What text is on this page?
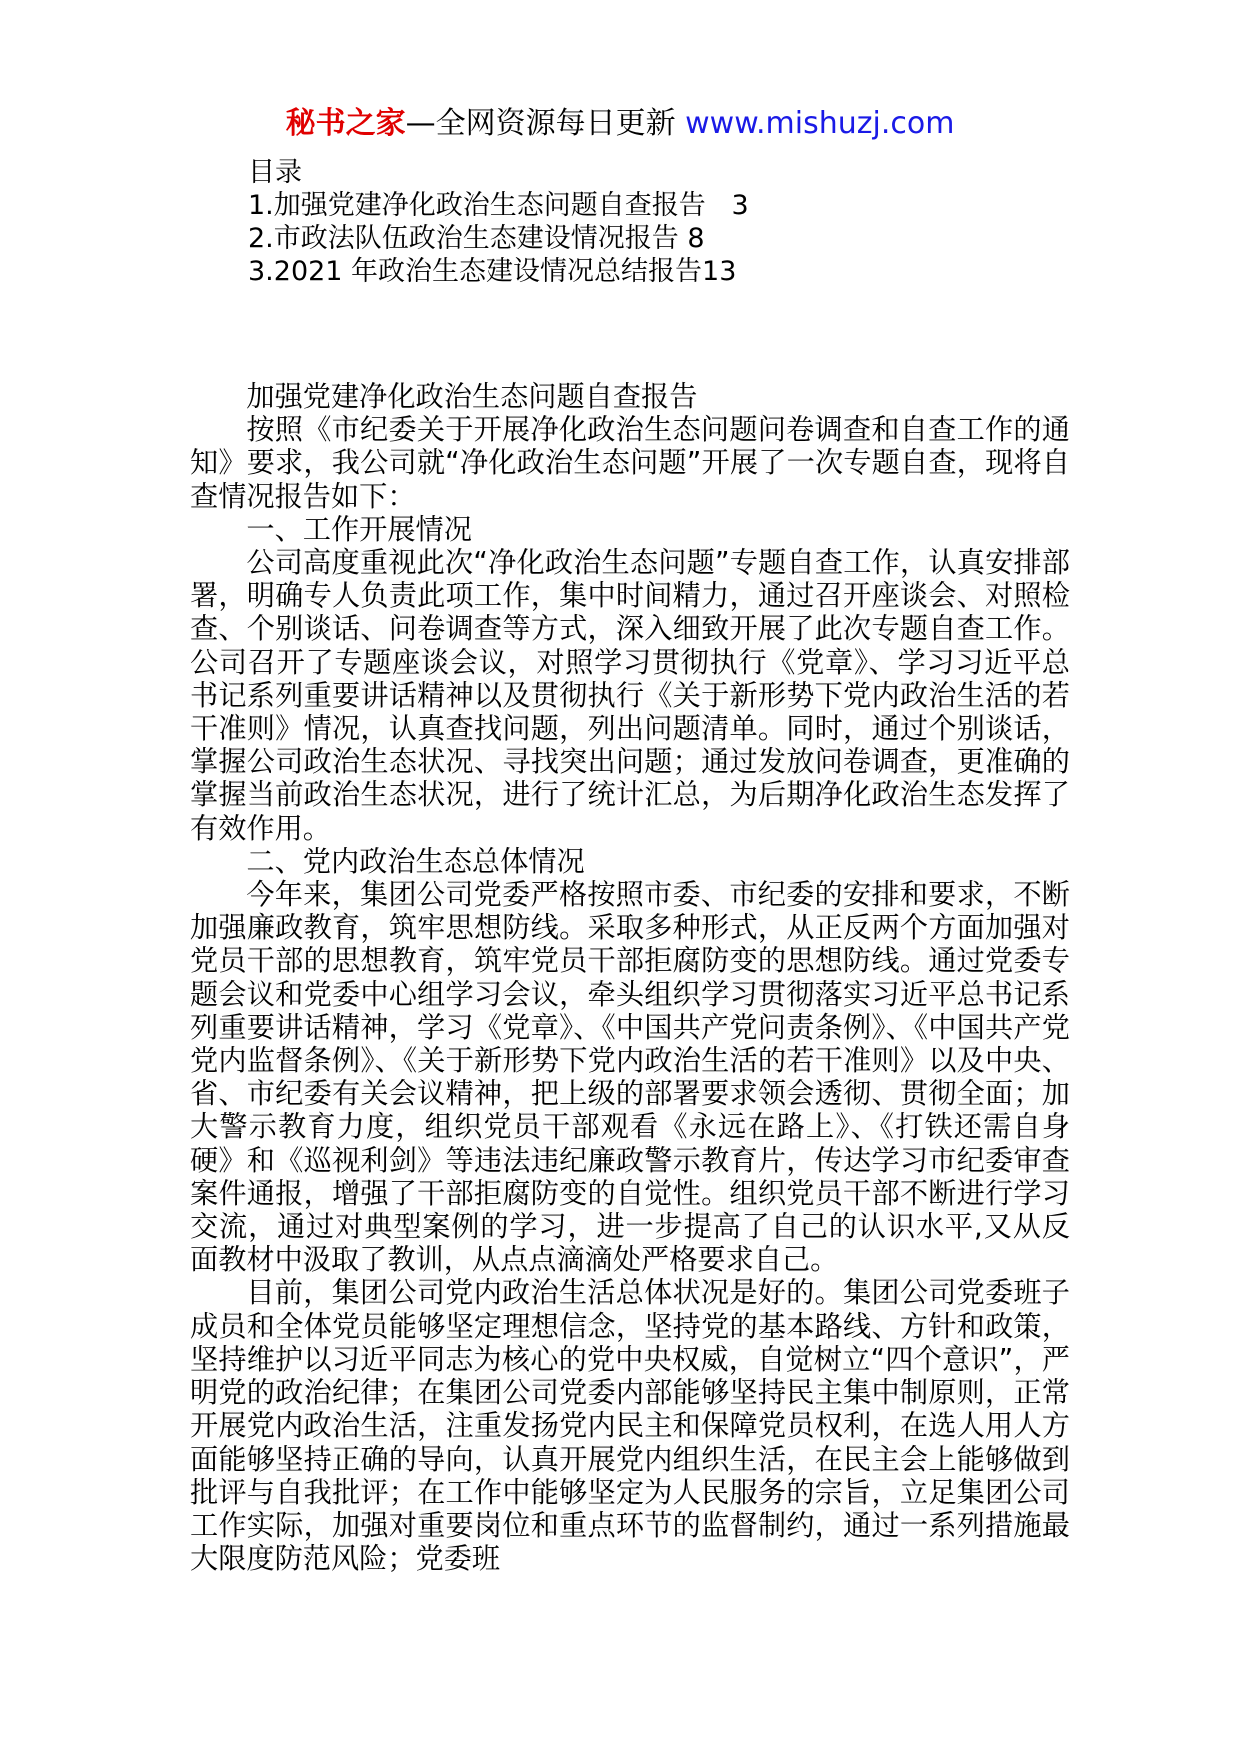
秘书之家—全网资源每日更新 www.mishuzj.com
目录
1.加强党建净化政治生态问题自查报告   3
2.市政法队伍政治生态建设情况报告 8
3.2021 年政治生态建设情况总结报告13
加强党建净化政治生态问题自查报告

按照《市纪委关于开展净化政治生态问题问卷调查和自查工作的通知》要求，我公司就“净化政治生态问题”开展了一次专题自查，现将自查情况报告如下：

一、工作开展情况

公司高度重视此次“净化政治生态问题”专题自查工作，认真安排部署，明确专人负责此项工作，集中时间精力，通过召开座谈会、对照检查、个别谈话、问卷调查等方式，深入细致开展了此次专题自查工作。公司召开了专题座谈会议，对照学习贯彻执行《党章》、学习习近平总书记系列重要讲话精神以及贯彻执行《关于新形势下党内政治生活的若干准则》情况，认真查找问题，列出问题清单。同时，通过个别谈话，掌握公司政治生态状况、寻找突出问题；通过发放问卷调查，更准确的掌握当前政治生态状况，进行了统计汇总，为后期净化政治生态发挥了有效作用。

二、党内政治生态总体情况

今年来，集团公司党委严格按照市委、市纪委的安排和要求，不断加强廉政教育，筑牢思想防线。采取多种形式，从正反两个方面加强对党员干部的思想教育，筑牢党员干部拒腐防变的思想防线。通过党委专题会议和党委中心组学习会议，牵头组织学习贯彻落实习近平总书记系列重要讲话精神，学习《党章》、《中国共产党问责条例》、《中国共产党党内监督条例》、《关于新形势下党内政治生活的若干准则》以及中央、省、市纪委有关会议精神，把上级的部署要求领会透彻、贯彻全面；加大警示教育力度，组织党员干部观看《永远在路上》、《打铁还需自身硬》和《巡视利剑》等违法违纪廉政警示教育片，传达学习市纪委审查案件通报，增强了干部拒腐防变的自觉性。组织党员干部不断进行学习交流，通过对典型案例的学习，进一步提高了自己的认识水平,又从反面教材中汲取了教训，从点点滴滴处严格要求自己。

目前，集团公司党内政治生活总体状况是好的。集团公司党委班子成员和全体党员能够坚定理想信念，坚持党的基本路线、方针和政策，坚持维护以习近平同志为核心的党中央权威，自觉树立“四个意识”，严明党的政治纪律；在集团公司党委内部能够坚持民主集中制原则，正常开展党内政治生活，注重发扬党内民主和保障党员权利，在选人用人方面能够坚持正确的导向，认真开展党内组织生活，在民主会上能够做到批评与自我批评；在工作中能够坚定为人民服务的宗旨，立足集团公司工作实际，加强对重要岗位和重点环节的监督制约，通过一系列措施最大限度防范风险；党委班
